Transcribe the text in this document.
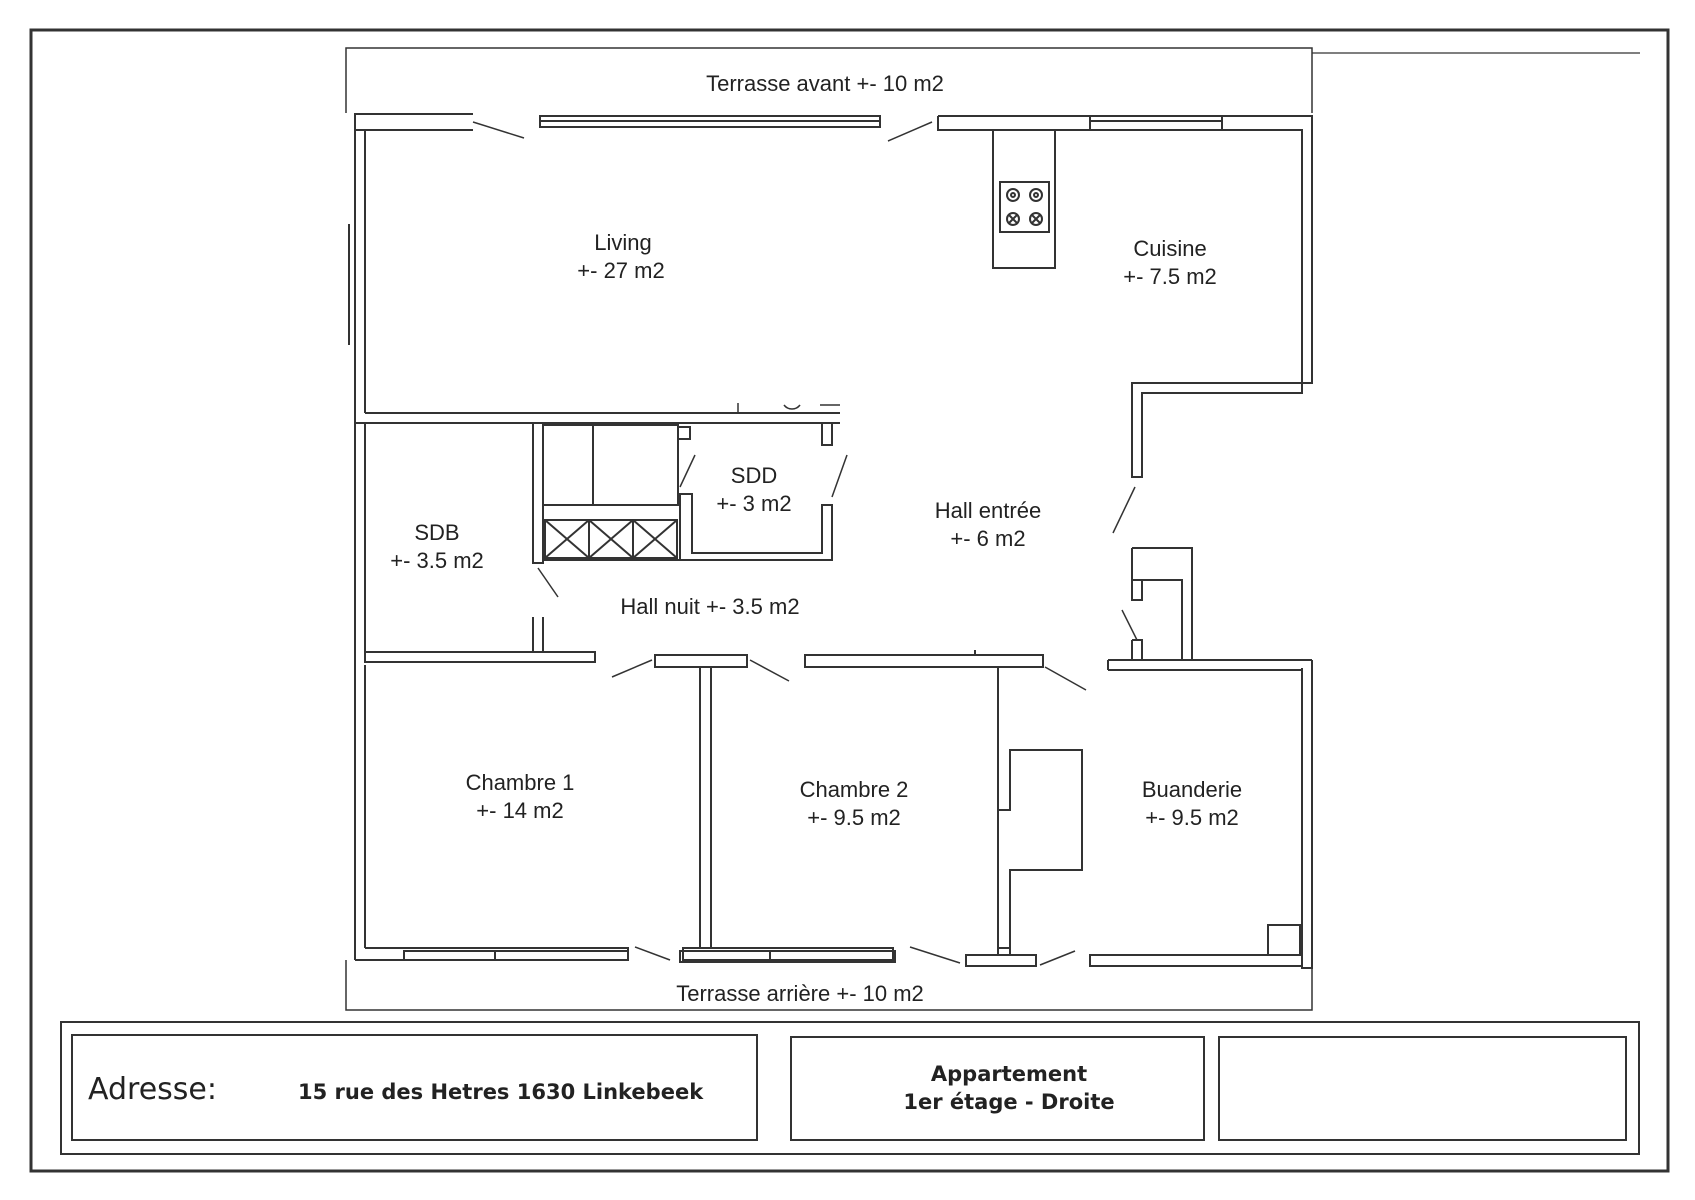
Terrasse avant +- 10 m2
Living
+- 27 m2
Cuisine
+- 7.5 m2
SDD
+- 3 m2	Hall entrée
+- 6 m2
SDB
+- 3.5 m2
Hall nuit +- 3.5 m2
Chambre 1
+- 14 m2
Chambre 2
+- 9.5 m2
Buanderie
+- 9.5 m2
Terrasse arrière +- 10 m2
Adresse:	15 rue des Hetres 1630 Linkebeek
Appartement
1er étage - Droite
